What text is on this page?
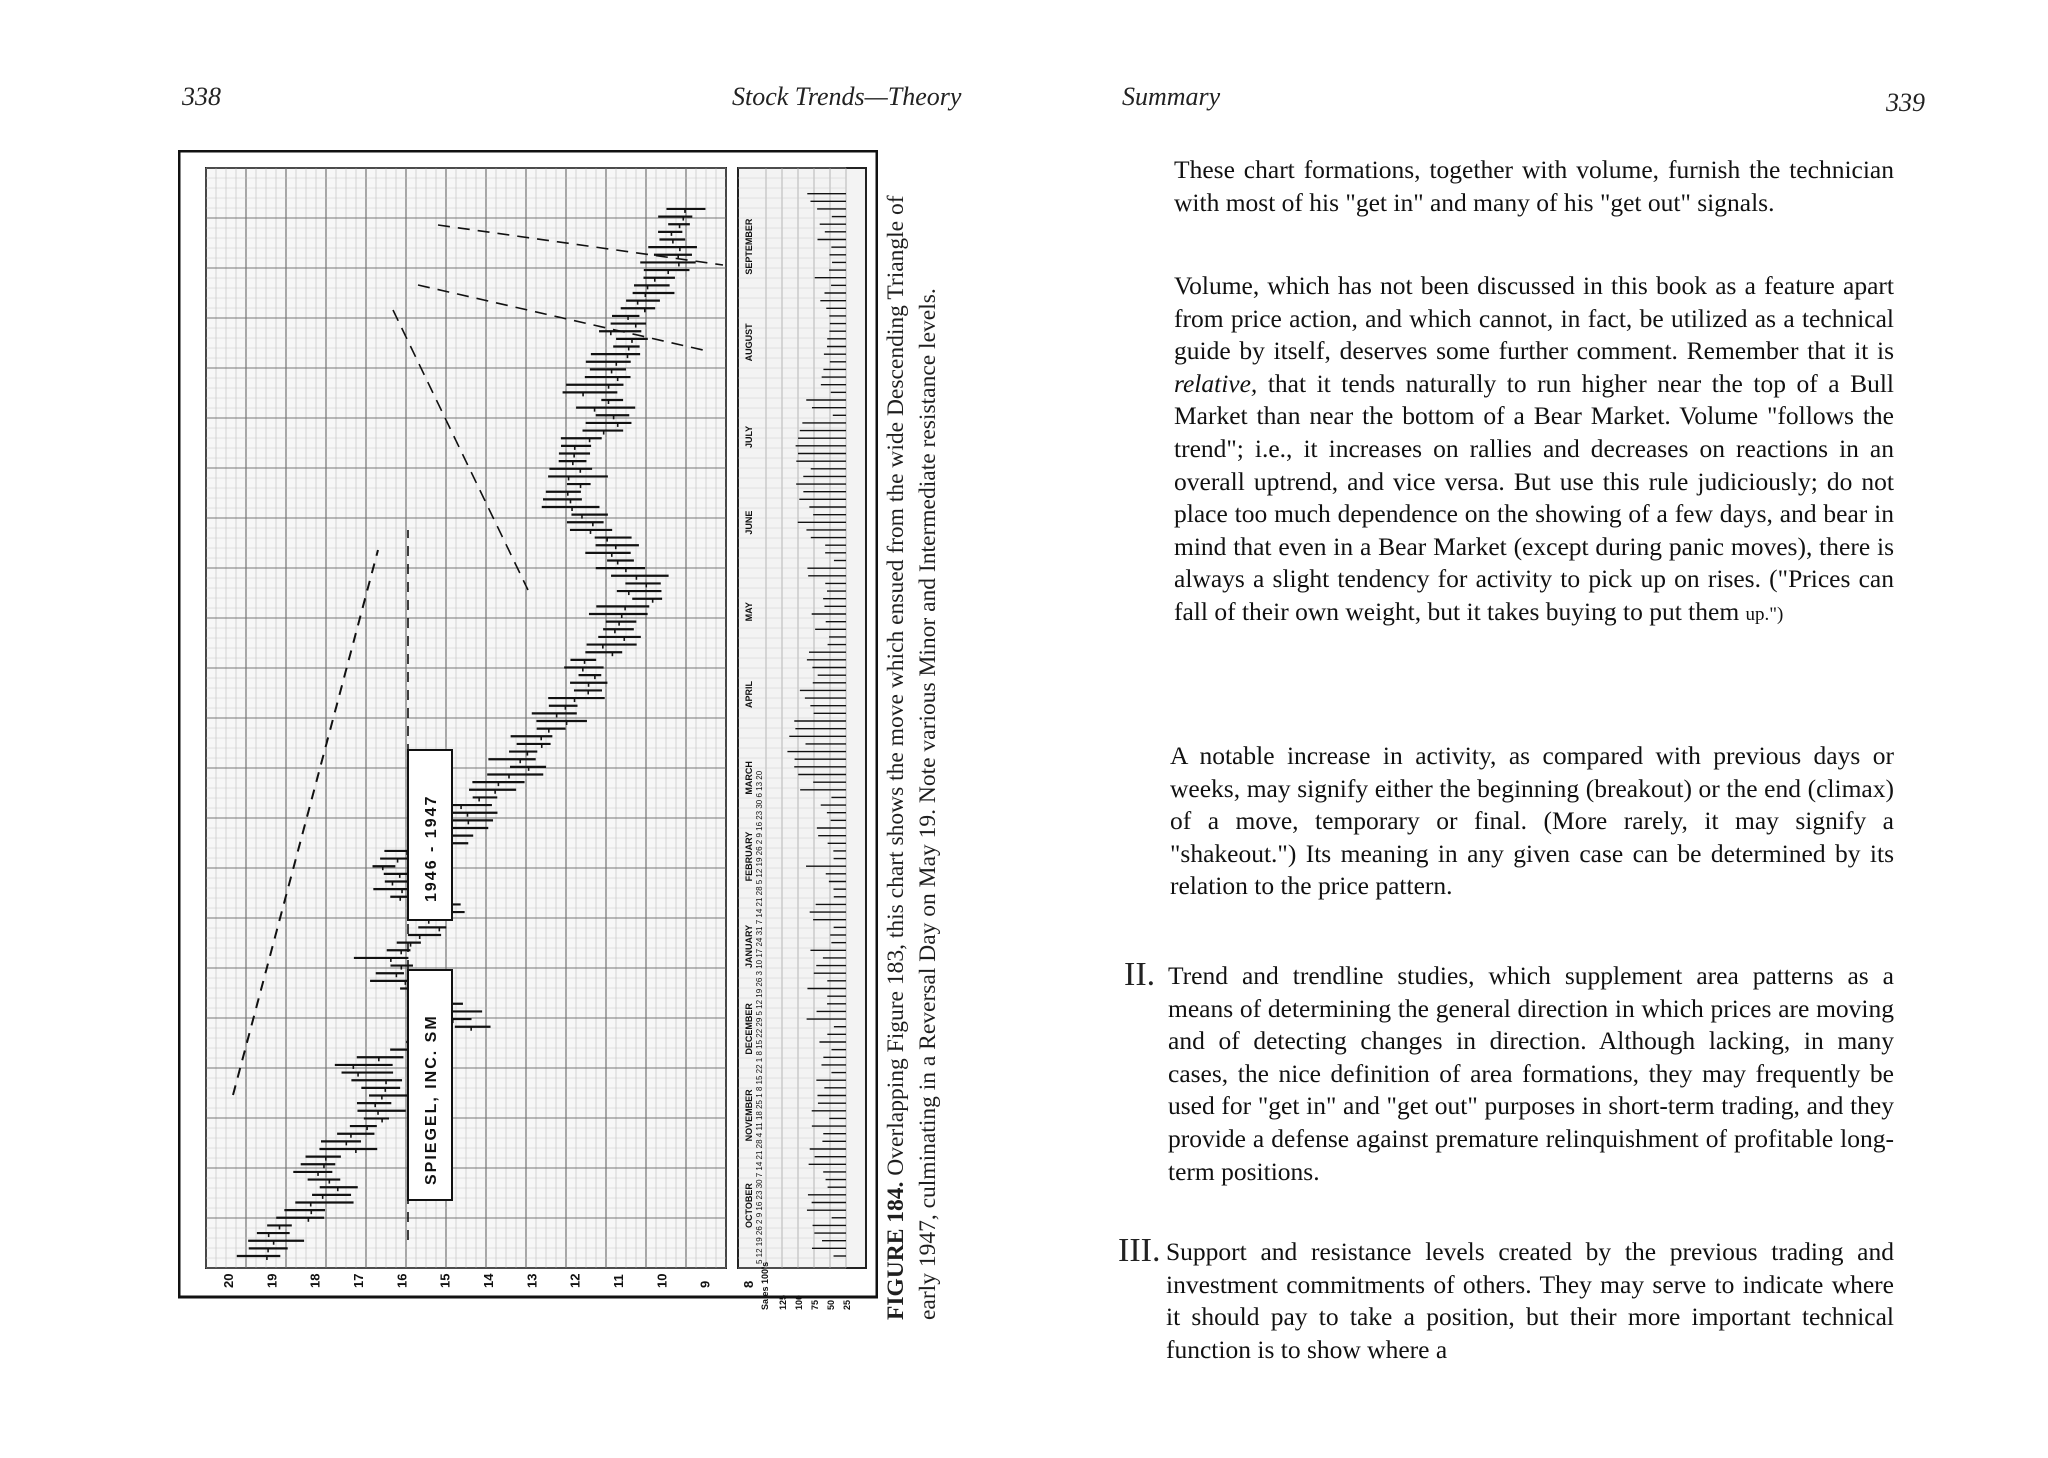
338	Stock Trends—Theory
SPIEGEL, INC. SM
1946 - 1947
OCTOBER
NOVEMBER
DECEMBER
JANUARY
FEBRUARY
MARCH
APRIL
MAY
JUNE
JULY
AUGUST
SEPTEMBER
5 12 19 26 2 9 16 23 30 7 14 21 28 4 11 18 25 1 8 15 22 1 8 15 22 29 5 12 19 26 3 10 17 24 31 7 14 21 28 5 12 19 26 2 9 16 23 30 6 13 20
20 19 18 17 16 15 14 13 12 11 10 9 8 Sales 100's 125 100 75 50 25 FIGURE 184. Overlapping Figure 183, this chart shows the move which ensued from the wide Descending Triangle of early 1947, culminating in a Reversal Day on May 19. Note various Minor and Intermediate resistance levels.
Summary	339

These chart formations, together with volume, furnish the technician with most of his "get in" and many of his "get out" signals.

Volume, which has not been discussed in this book as a feature apart from price action, and which cannot, in fact, be utilized as a technical guide by itself, deserves some further comment. Remember that it is relative, that it tends naturally to run higher near the top of a Bull Market than near the bottom of a Bear Market. Volume "follows the trend"; i.e., it increases on rallies and decreases on reactions in an overall uptrend, and vice versa. But use this rule judiciously; do not place too much dependence on the showing of a few days, and bear in mind that even in a Bear Market (except during panic moves), there is always a slight tendency for activity to pick up on rises. ("Prices can fall of their own weight, but it takes buying to put them up.")

A notable increase in activity, as compared with previous days or weeks, may signify either the beginning (breakout) or the end (climax) of a move, temporary or final. (More rarely, it may signify a "shakeout.") Its meaning in any given case can be determined by its relation to the price pattern.

II. Trend and trendline studies, which supplement area patterns as a means of determining the general direction in which prices are moving and of detecting changes in direction. Although lacking, in many cases, the nice definition of area formations, they may frequently be used for "get in" and "get out" purposes in short-term trading, and they provide a defense against premature relinquishment of profitable long-term positions.

III. Support and resistance levels created by the previous trading and investment commitments of others. They may serve to indicate where it should pay to take a position, but their more important technical function is to show where a
